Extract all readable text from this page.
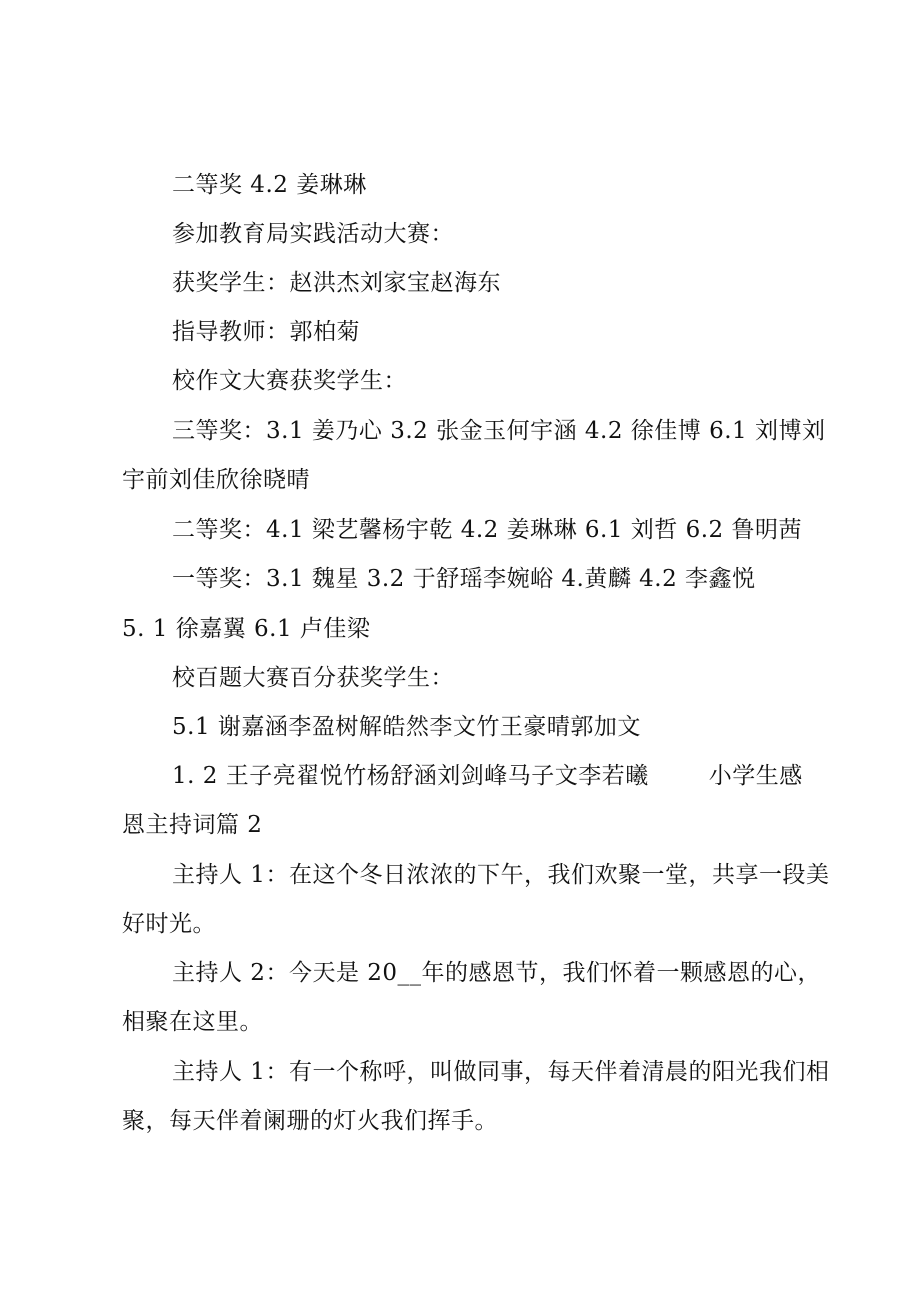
二等奖 4.2 姜琳琳
参加教育局实践活动大赛：
获奖学生：赵洪杰刘家宝赵海东
指导教师：郭柏菊
校作文大赛获奖学生：
三等奖：3.1 姜乃心 3.2 张金玉何宇涵 4.2 徐佳博 6.1 刘博刘
宇前刘佳欣徐晓晴
二等奖：4.1 梁艺馨杨宇乾 4.2 姜琳琳 6.1 刘哲 6.2 鲁明茜
一等奖：3.1 魏星 3.2 于舒瑶李婉峪 4.黄麟 4.2 李鑫悦
5. 1 徐嘉翼 6.1 卢佳梁
校百题大赛百分获奖学生：
5.1 谢嘉涵李盈树解皓然李文竹王豪晴郭加文
1. 2 王子亮翟悦竹杨舒涵刘剑峰马子文李若曦	小学生感
恩主持词篇 2
主持人 1：在这个冬日浓浓的下午，我们欢聚一堂，共享一段美
好时光。
主持人 2：今天是 20__年的感恩节，我们怀着一颗感恩的心，
相聚在这里。
主持人 1：有一个称呼，叫做同事，每天伴着清晨的阳光我们相
聚，每天伴着阑珊的灯火我们挥手。
